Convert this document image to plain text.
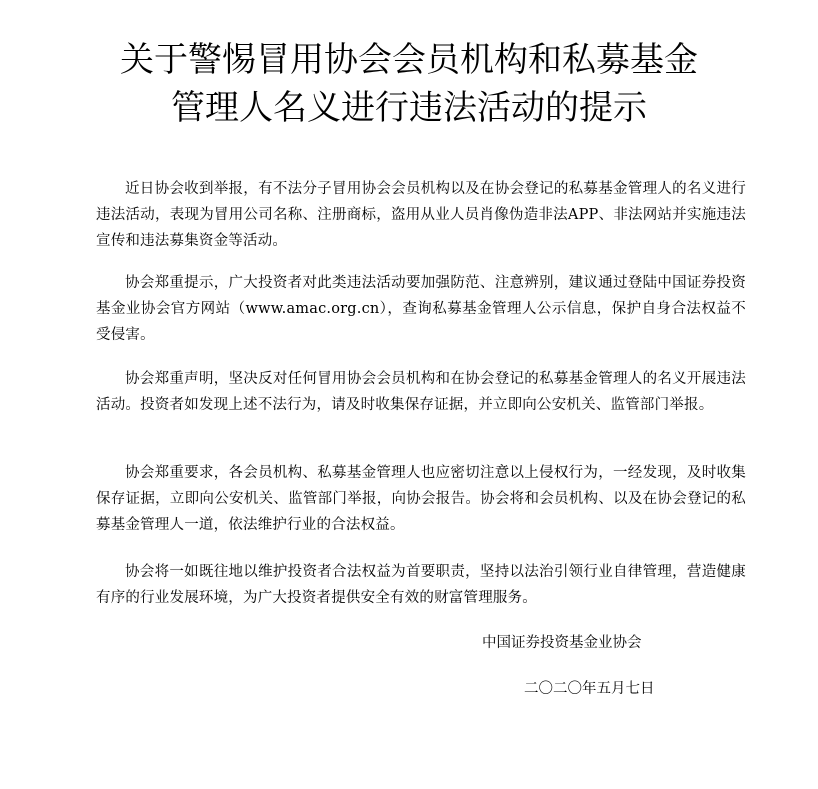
关于警惕冒用协会会员机构和私募基金
管理人名义进行违法活动的提示

近日协会收到举报，有不法分子冒用协会会员机构以及在协会登记的私募基金管理人的名义进行违法活动，表现为冒用公司名称、注册商标，盗用从业人员肖像伪造非法APP、非法网站并实施违法宣传和违法募集资金等活动。

协会郑重提示，广大投资者对此类违法活动要加强防范、注意辨别，建议通过登陆中国证券投资基金业协会官方网站（www.amac.org.cn），查询私募基金管理人公示信息，保护自身合法权益不受侵害。

协会郑重声明，坚决反对任何冒用协会会员机构和在协会登记的私募基金管理人的名义开展违法活动。投资者如发现上述不法行为，请及时收集保存证据，并立即向公安机关、监管部门举报。

协会郑重要求，各会员机构、私募基金管理人也应密切注意以上侵权行为，一经发现，及时收集保存证据，立即向公安机关、监管部门举报，向协会报告。协会将和会员机构、以及在协会登记的私募基金管理人一道，依法维护行业的合法权益。

协会将一如既往地以维护投资者合法权益为首要职责，坚持以法治引领行业自律管理，营造健康有序的行业发展环境，为广大投资者提供安全有效的财富管理服务。

中国证券投资基金业协会
二〇二〇年五月七日
